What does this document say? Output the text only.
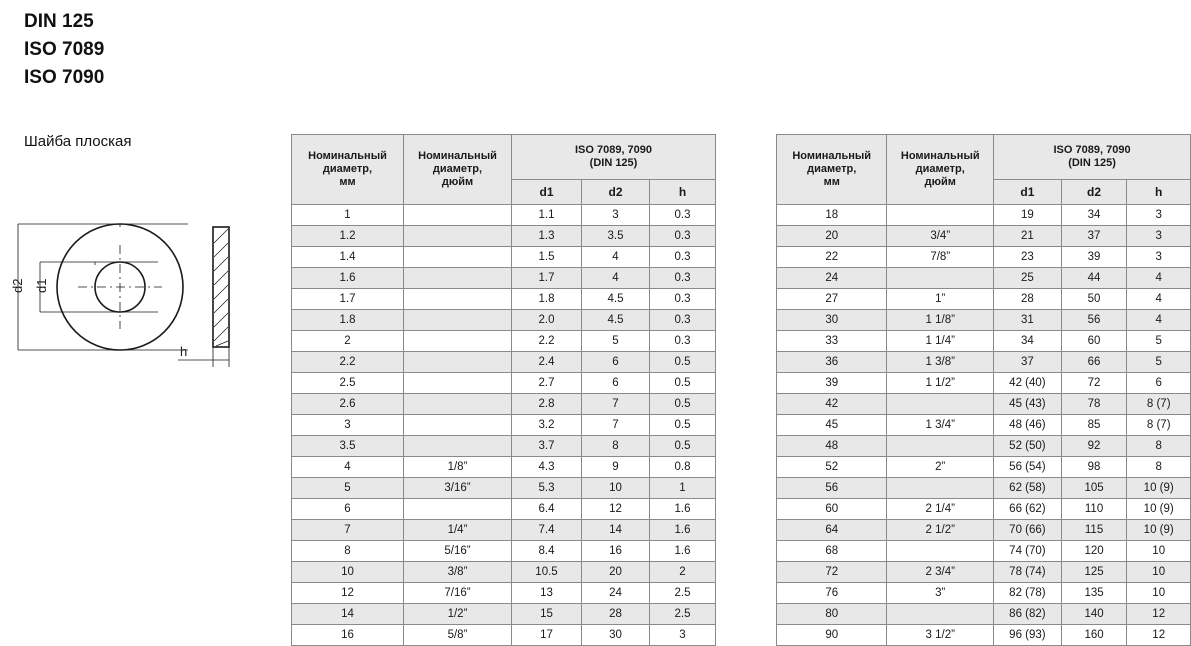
DIN 125
ISO 7089
ISO 7090
Шайба плоская
d2 d1
h
Номинальный
диаметр,
мм

Номинальный
диаметр,
дюйм

ISO 7089, 7090
(DIN 125)

		d1	d2	h
1		1.1	3	0.3
1.2		1.3	3.5	0.3
1.4		1.5	4	0.3
1.6		1.7	4	0.3
1.7		1.8	4.5	0.3
1.8		2.0	4.5	0.3
2		2.2	5	0.3
2.2		2.4	6	0.5
2.5		2.7	6	0.5
2.6		2.8	7	0.5
3		3.2	7	0.5
3.5		3.7	8	0.5
4	1/8”	4.3	9	0.8
5	3/16”	5.3	10	1
6		6.4	12	1.6
7	1/4”	7.4	14	1.6
8	5/16”	8.4	16	1.6
10	3/8”	10.5	20	2
12	7/16”	13	24	2.5
14	1/2”	15	28	2.5
16	5/8”	17	30	3
Номинальный
диаметр,
мм

Номинальный
диаметр,
дюйм

ISO 7089, 7090
(DIN 125)

		d1	d2	h
18		19	34	3
20	3/4”	21	37	3
22	7/8”	23	39	3
24		25	44	4
27	1”	28	50	4
30	1 1/8”	31	56	4
33	1 1/4”	34	60	5
36	1 3/8”	37	66	5
39	1 1/2”	42 (40)	72	6
42		45 (43)	78	8 (7)
45	1 3/4”	48 (46)	85	8 (7)
48		52 (50)	92	8
52	2”	56 (54)	98	8
56		62 (58)	105	10 (9)
60	2 1/4”	66 (62)	110	10 (9)
64	2 1/2”	70 (66)	115	10 (9)
68		74 (70)	120	10
72	2 3/4”	78 (74)	125	10
76	3”	82 (78)	135	10
80		86 (82)	140	12
90	3 1/2”	96 (93)	160	12
